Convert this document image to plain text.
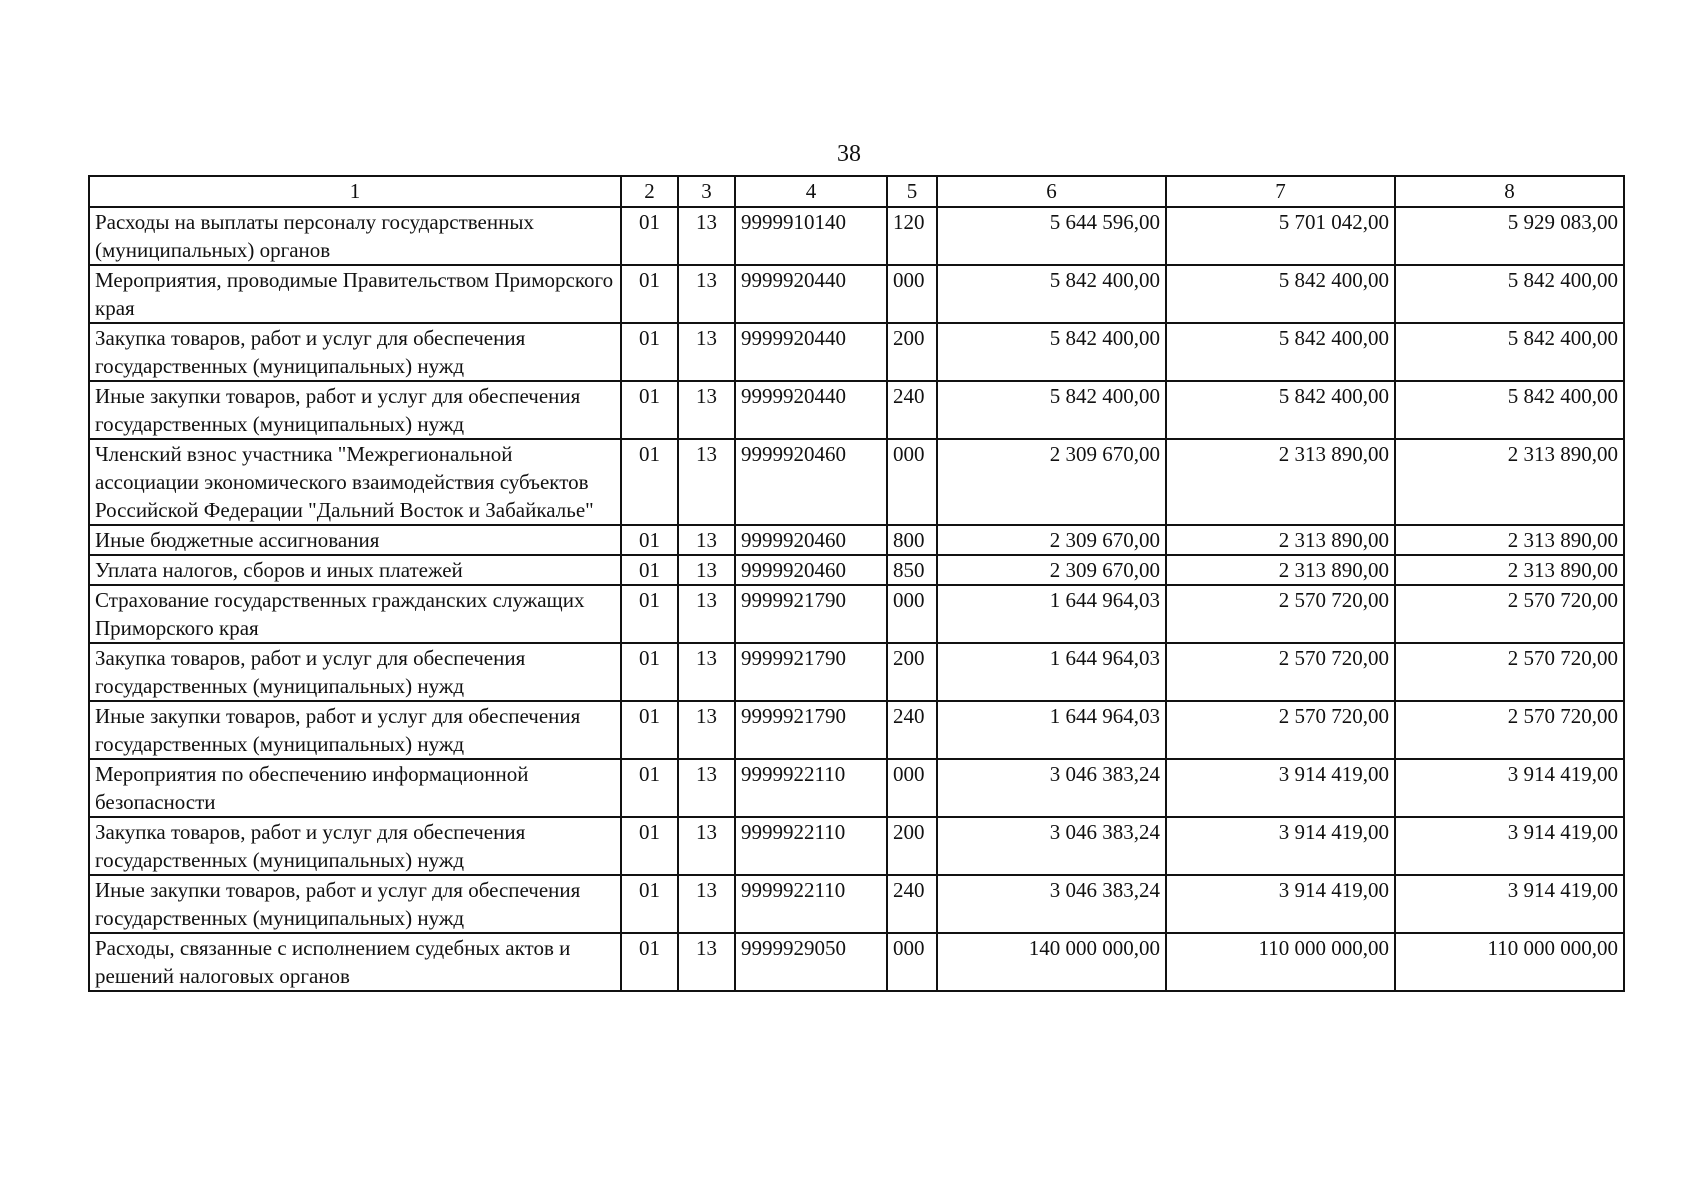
38
1	2	3	4	5	6	7	8
Расходы на выплаты персоналу государственных (муниципальных) органов	01	13	9999910140	120	5 644 596,00	5 701 042,00	5 929 083,00
Мероприятия, проводимые Правительством Приморского края	01	13	9999920440	000	5 842 400,00	5 842 400,00	5 842 400,00
Закупка товаров, работ и услуг для обеспечения государственных (муниципальных) нужд	01	13	9999920440	200	5 842 400,00	5 842 400,00	5 842 400,00
Иные закупки товаров, работ и услуг для обеспечения государственных (муниципальных) нужд	01	13	9999920440	240	5 842 400,00	5 842 400,00	5 842 400,00
Членский взнос участника "Межрегиональной ассоциации экономического взаимодействия субъектов Российской Федерации "Дальний Восток и Забайкалье"	01	13	9999920460	000	2 309 670,00	2 313 890,00	2 313 890,00
Иные бюджетные ассигнования	01	13	9999920460	800	2 309 670,00	2 313 890,00	2 313 890,00
Уплата налогов, сборов и иных платежей	01	13	9999920460	850	2 309 670,00	2 313 890,00	2 313 890,00
Страхование государственных гражданских служащих Приморского края	01	13	9999921790	000	1 644 964,03	2 570 720,00	2 570 720,00
Закупка товаров, работ и услуг для обеспечения государственных (муниципальных) нужд	01	13	9999921790	200	1 644 964,03	2 570 720,00	2 570 720,00
Иные закупки товаров, работ и услуг для обеспечения государственных (муниципальных) нужд	01	13	9999921790	240	1 644 964,03	2 570 720,00	2 570 720,00
Мероприятия по обеспечению информационной безопасности	01	13	9999922110	000	3 046 383,24	3 914 419,00	3 914 419,00
Закупка товаров, работ и услуг для обеспечения государственных (муниципальных) нужд	01	13	9999922110	200	3 046 383,24	3 914 419,00	3 914 419,00
Иные закупки товаров, работ и услуг для обеспечения государственных (муниципальных) нужд	01	13	9999922110	240	3 046 383,24	3 914 419,00	3 914 419,00
Расходы, связанные с исполнением судебных актов и решений налоговых органов	01	13	9999929050	000	140 000 000,00	110 000 000,00	110 000 000,00
